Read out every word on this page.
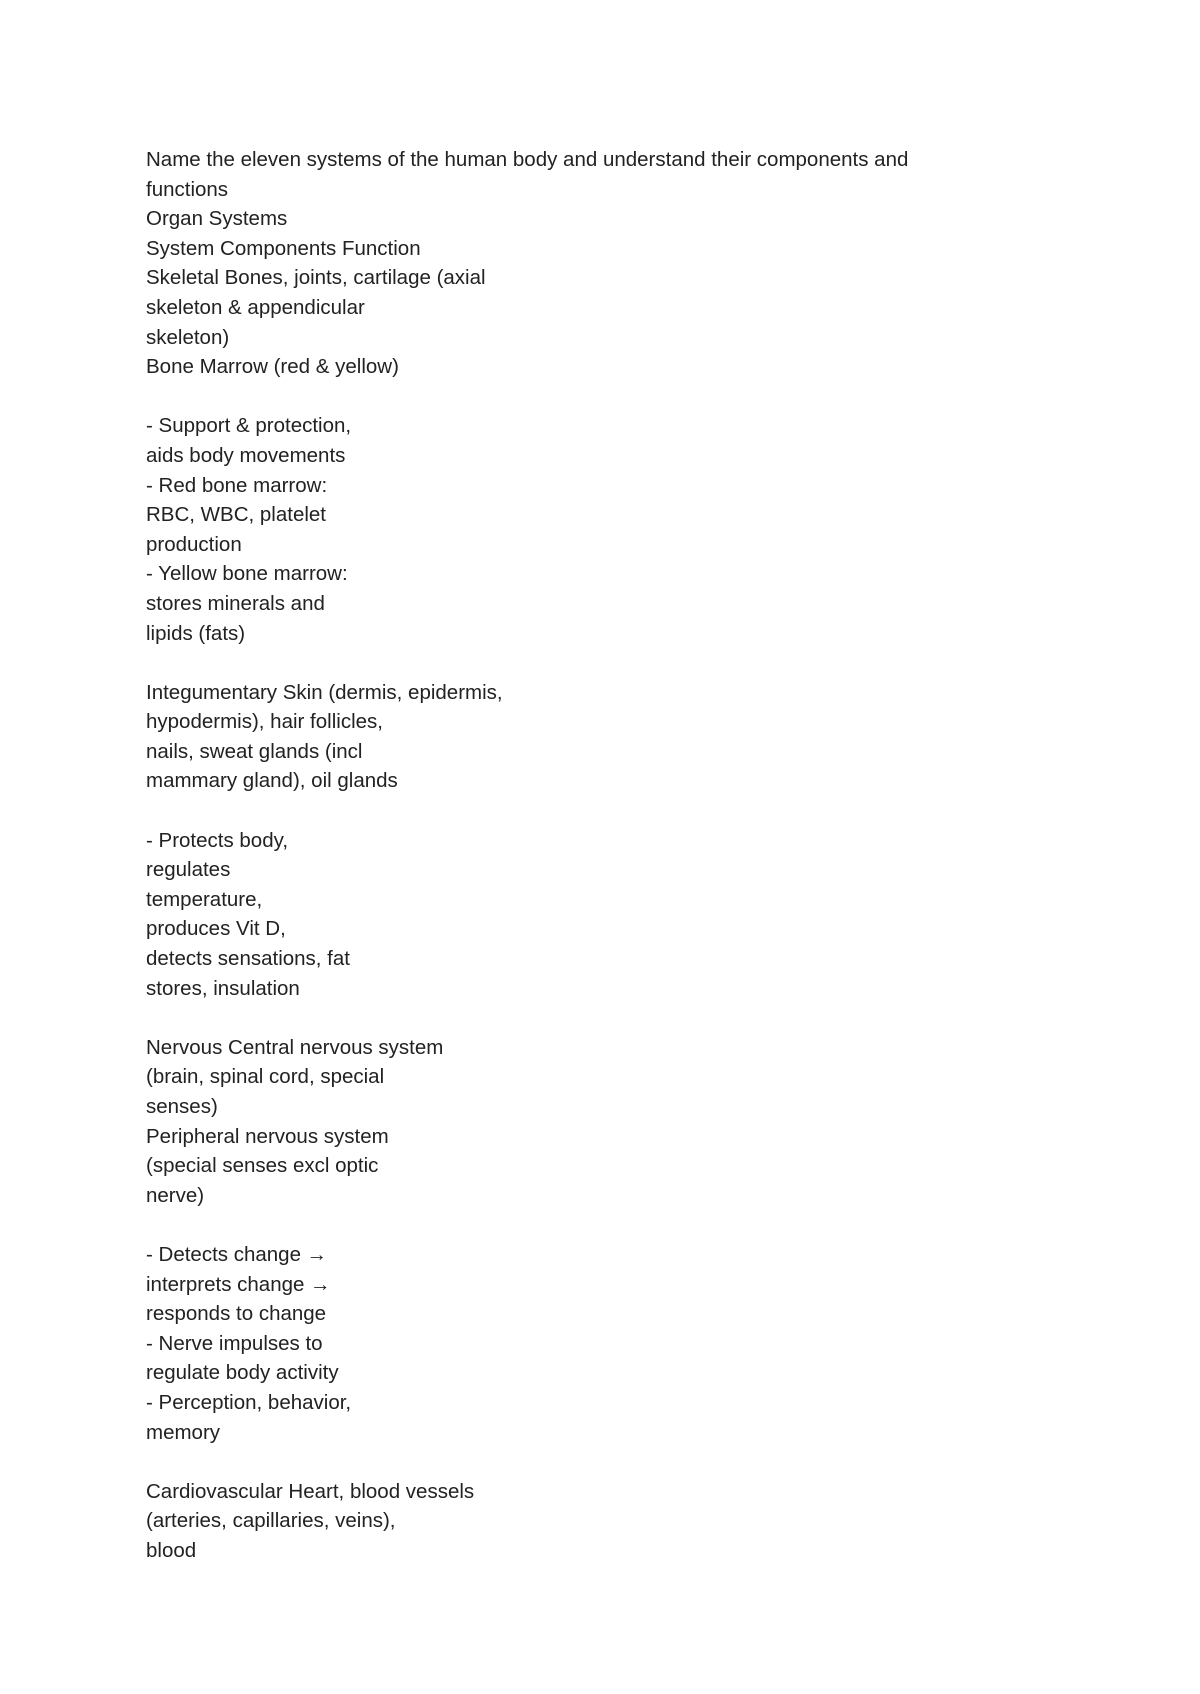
Name the eleven systems of the human body and understand their components and
functions
Organ Systems
System Components Function
Skeletal Bones, joints, cartilage (axial
skeleton & appendicular
skeleton)
Bone Marrow (red & yellow)
- Support & protection,
aids body movements
- Red bone marrow:
RBC, WBC, platelet
production
- Yellow bone marrow:
stores minerals and
lipids (fats)
Integumentary Skin (dermis, epidermis,
hypodermis), hair follicles,
nails, sweat glands (incl
mammary gland), oil glands
- Protects body,
regulates
temperature,
produces Vit D,
detects sensations, fat
stores, insulation
Nervous Central nervous system
(brain, spinal cord, special
senses)
Peripheral nervous system
(special senses excl optic
nerve)
- Detects change →
interprets change →
responds to change
- Nerve impulses to
regulate body activity
- Perception, behavior,
memory
Cardiovascular Heart, blood vessels
(arteries, capillaries, veins),
blood
